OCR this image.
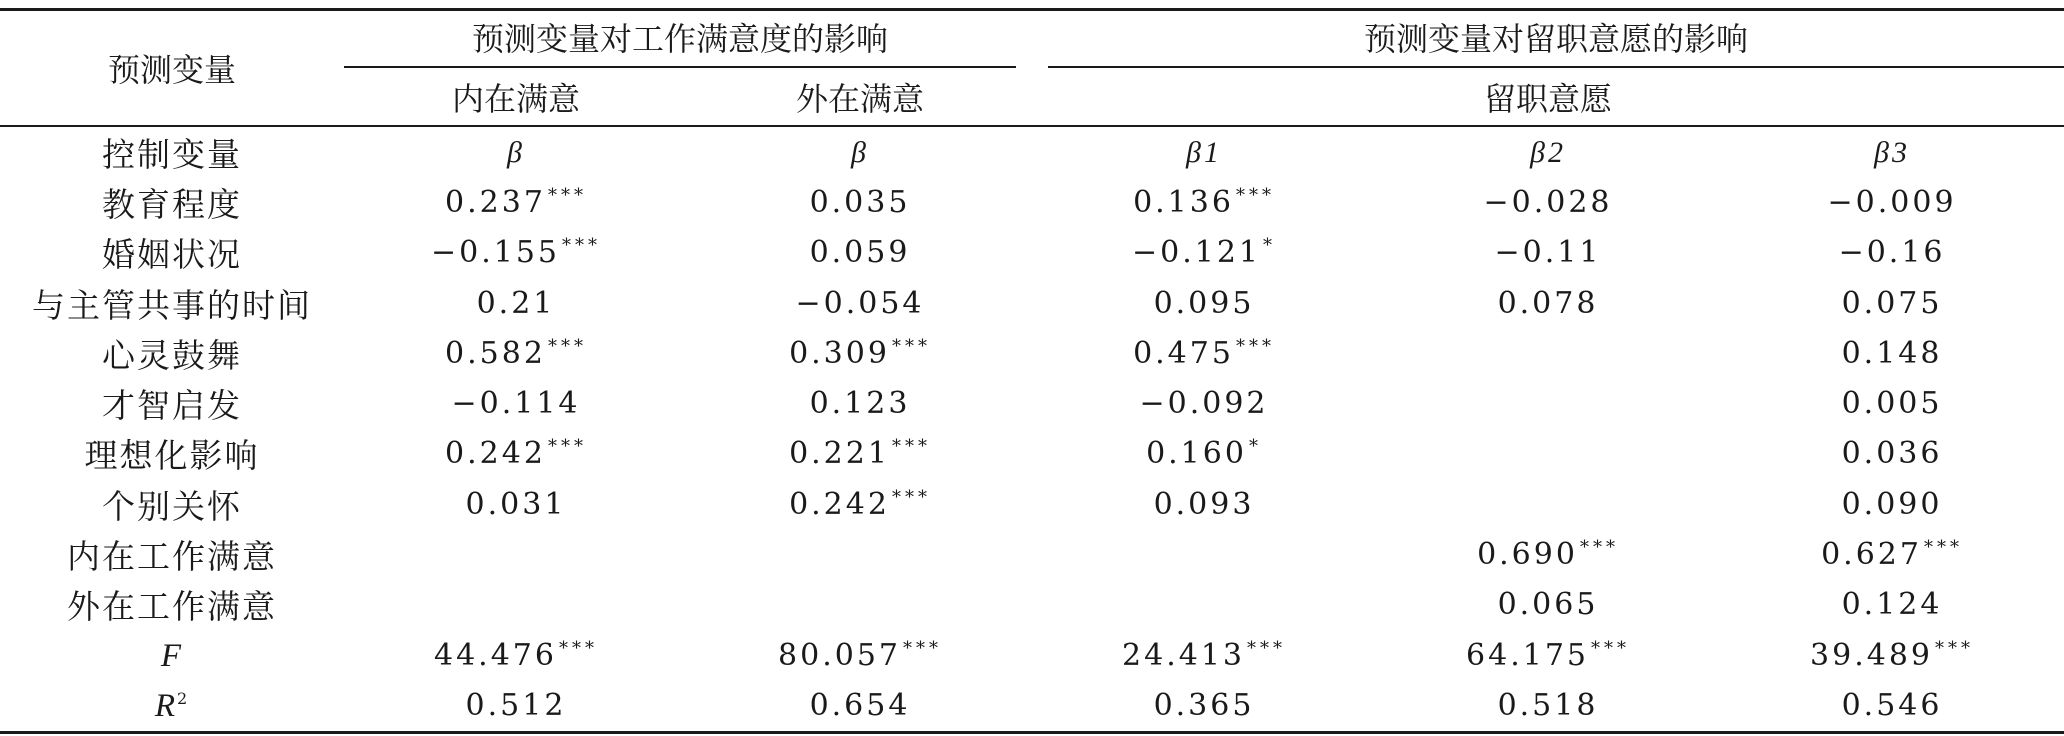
预测变量	预测变量对工作满意度的影响		预测变量对留职意愿的影响		

	内在满意	外在满意	留职意愿		
控制变量	β	β	β1	β2	β3
教育程度	0.237 ***	0.035	0.136 ***	−0.028	−0.009
婚姻状况	−0.155 ***	0.059	−0.121 *	−0.11	−0.16
与主管共事的时间	0.21	−0.054	0.095	0.078	0.075
心灵鼓舞	0.582 ***	0.309 ***	0.475 ***		0.148
才智启发	−0.114	0.123	−0.092		0.005
理想化影响	0.242 ***	0.221 ***	0.160 *		0.036
个别关怀	0.031	0.242 ***	0.093		0.090
内在工作满意				0.690 ***	0.627 ***
外在工作满意				0.065	0.124
F	44.476 ***	80.057 ***	24.413 ***	64.175 ***	39.489 ***
$R^2$	0.512	0.654	0.365	0.518	0.546
